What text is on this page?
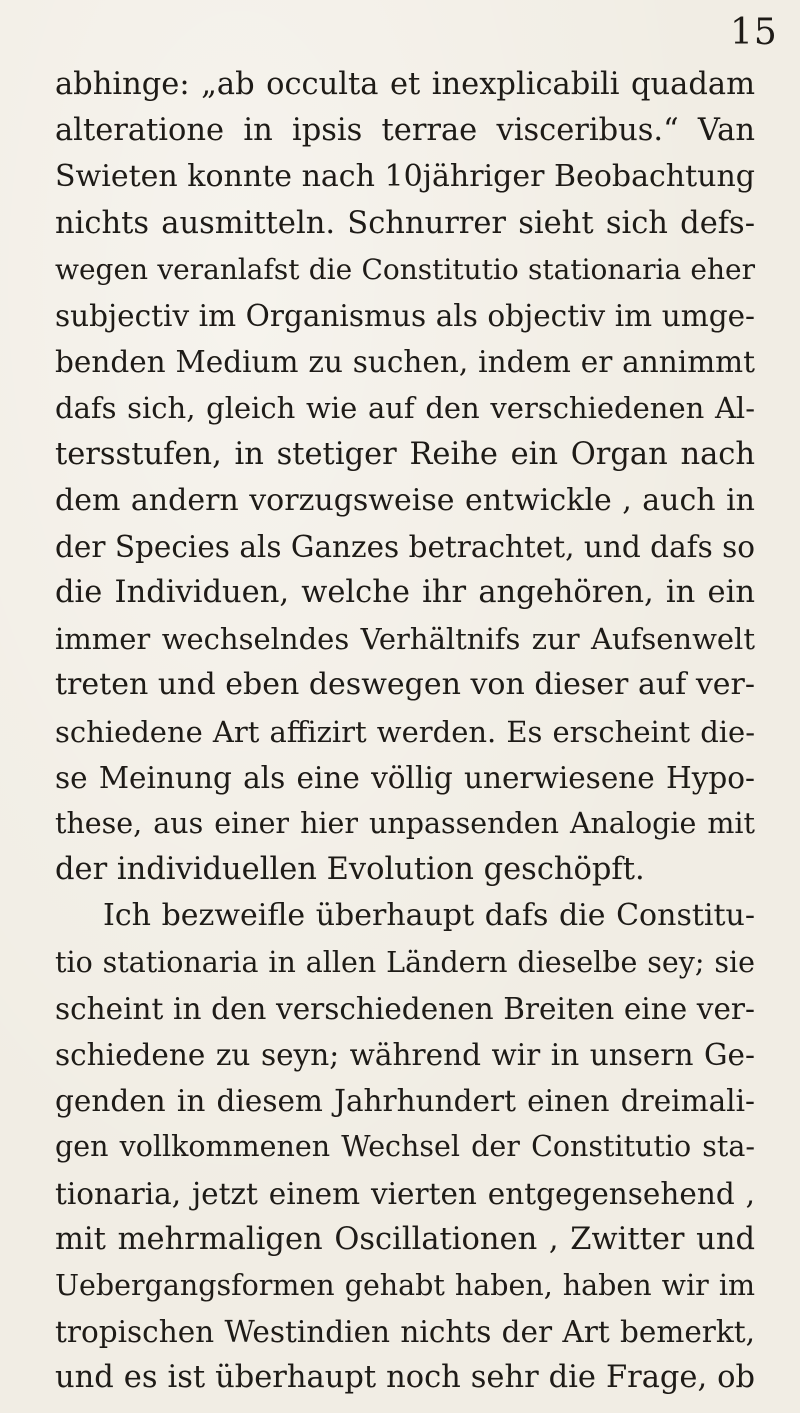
15
abhinge: „ab occulta et inexplicabili quadam
alteratione in ipsis terrae visceribus.“ Van
Swieten konnte nach 10jähriger Beobachtung
nichts ausmitteln. Schnurrer sieht sich defs-
wegen veranlafst die Constitutio stationaria eher
subjectiv im Organismus als objectiv im umge-
benden Medium zu suchen, indem er annimmt
dafs sich, gleich wie auf den verschiedenen Al-
tersstufen, in stetiger Reihe ein Organ nach
dem andern vorzugsweise entwickle , auch in
der Species als Ganzes betrachtet, und dafs so
die Individuen, welche ihr angehören, in ein
immer wechselndes Verhältnifs zur Aufsenwelt
treten und eben deswegen von dieser auf ver-
schiedene Art affizirt werden. Es erscheint die-
se Meinung als eine völlig unerwiesene Hypo-
these, aus einer hier unpassenden Analogie mit
der individuellen Evolution geschöpft.
Ich bezweifle überhaupt dafs die Constitu-
tio stationaria in allen Ländern dieselbe sey; sie
scheint in den verschiedenen Breiten eine ver-
schiedene zu seyn; während wir in unsern Ge-
genden in diesem Jahrhundert einen dreimali-
gen vollkommenen Wechsel der Constitutio sta-
tionaria, jetzt einem vierten entgegensehend ,
mit mehrmaligen Oscillationen , Zwitter und
Uebergangsformen gehabt haben, haben wir im
tropischen Westindien nichts der Art bemerkt,
und es ist überhaupt noch sehr die Frage, ob
